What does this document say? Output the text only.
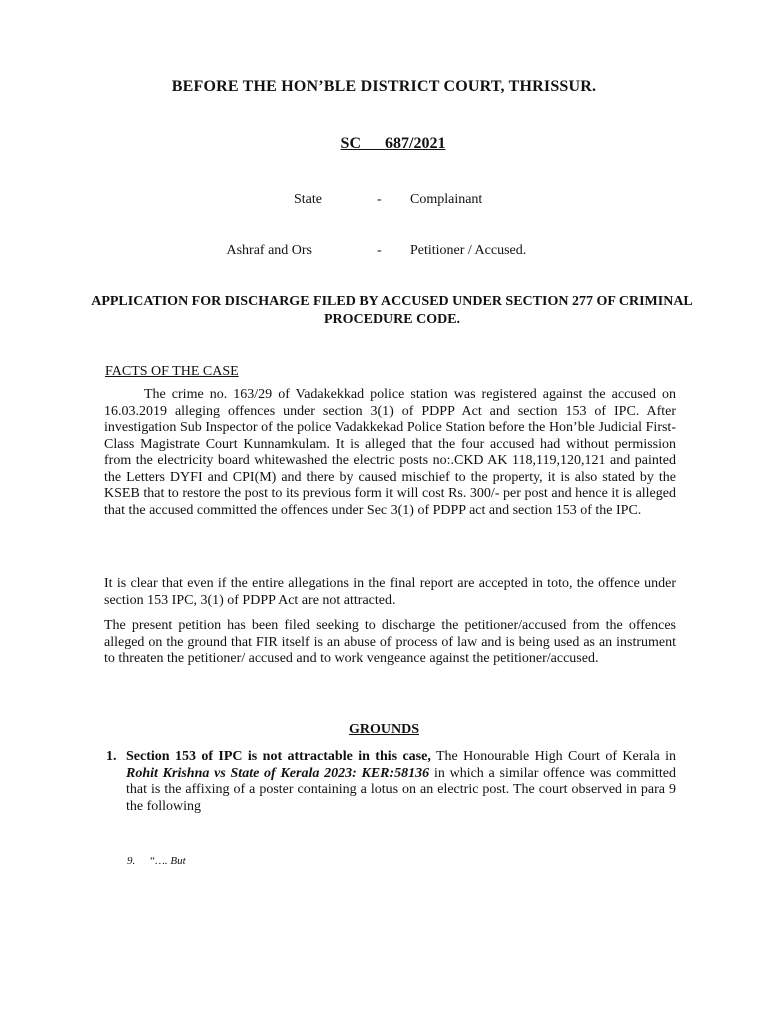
BEFORE THE HON’BLE DISTRICT COURT, THRISSUR.
SC      687/2021
State	- Complainant
Ashraf and Ors	- Petitioner / Accused.
APPLICATION FOR DISCHARGE FILED BY ACCUSED UNDER SECTION 277 OF CRIMINAL PROCEDURE CODE.
FACTS OF THE CASE
The crime no. 163/29 of Vadakekkad police station was registered against the accused on 16.03.2019 alleging offences under section 3(1) of PDPP Act and section 153 of IPC. After investigation Sub Inspector of the police Vadakkekad Police Station before the Hon’ble Judicial First-Class Magistrate Court Kunnamkulam. It is alleged that the four accused had without permission from the electricity board whitewashed the electric posts no:.CKD AK 118,119,120,121 and painted the Letters DYFI and CPI(M) and there by caused mischief to the property, it is also stated by the KSEB that to restore the post to its previous form it will cost Rs. 300/- per post and hence it is alleged that the accused committed the offences under Sec 3(1) of PDPP act and section 153 of the IPC.
It is clear that even if the entire allegations in the final report are accepted in toto, the offence under section 153 IPC, 3(1) of PDPP Act are not attracted.
The present petition has been filed seeking to discharge the petitioner/accused from the offences alleged on the ground that FIR itself is an abuse of process of law and is being used as an instrument to threaten the petitioner/ accused and to work vengeance against the petitioner/accused.
GROUNDS
1. Section 153 of IPC is not attractable in this case, The Honourable High Court of Kerala in Rohit Krishna vs State of Kerala 2023: KER:58136 in which a similar offence was committed that is the affixing of a poster containing a lotus on an electric post. The court observed in para 9 the following
9.     “…. But
